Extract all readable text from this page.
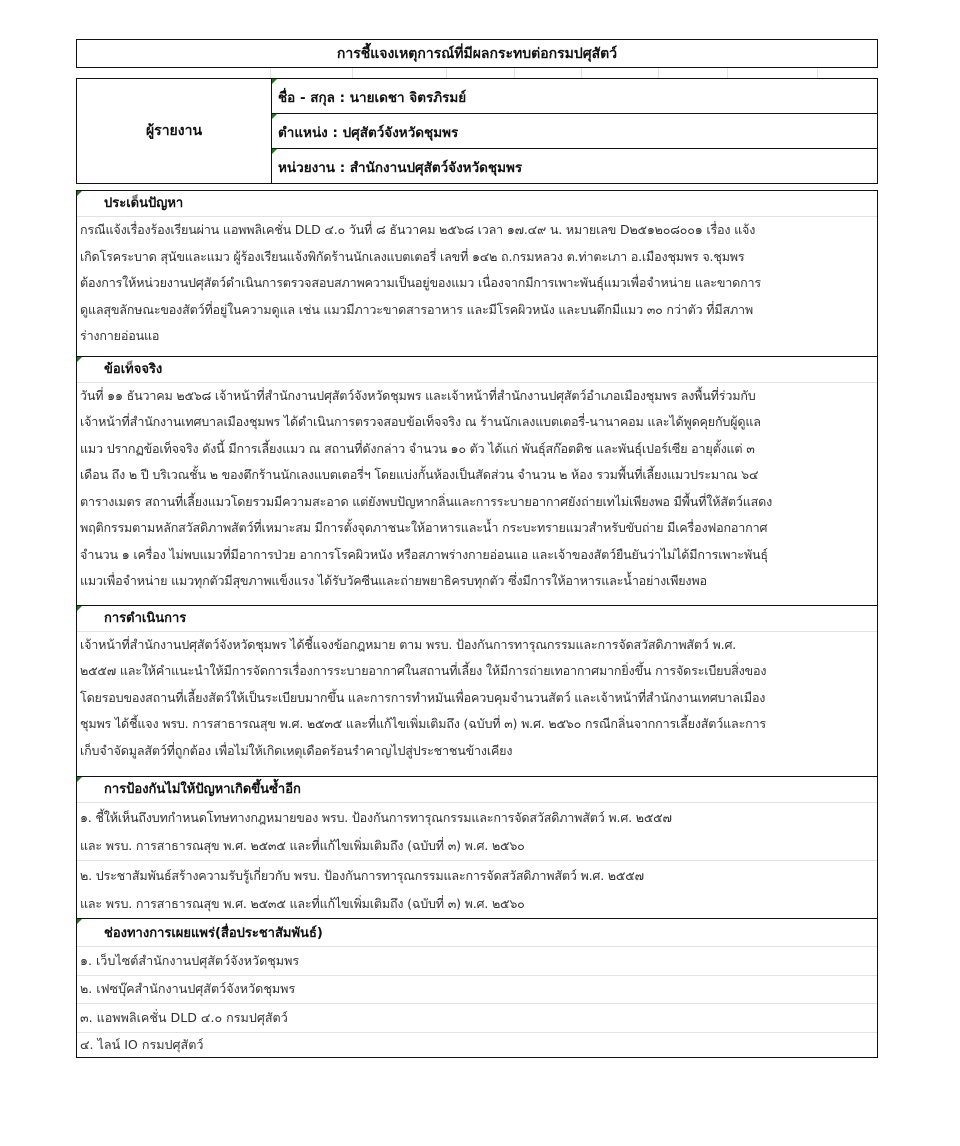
การชี้แจงเหตุการณ์ที่มีผลกระทบต่อกรมปศุสัตว์
ผู้รายงาน
ชื่อ - สกุล : นายเดชา จิตรภิรมย์
ตำแหน่ง : ปศุสัตว์จังหวัดชุมพร
หน่วยงาน : สำนักงานปศุสัตว์จังหวัดชุมพร
ประเด็นปัญหา
กรณีแจ้งเรื่องร้องเรียนผ่าน แอพพลิเคชั่น DLD ๔.๐ วันที่ ๘ ธันวาคม ๒๕๖๘ เวลา ๑๗.๔๙ น. หมายเลข D๒๕๑๒๐๘๐๐๑ เรื่อง แจ้ง
เกิดโรคระบาด สุนัขและแมว ผู้ร้องเรียนแจ้งพิกัดร้านนักเลงแบตเตอรี่ เลขที่ ๑๔๒ ถ.กรมหลวง ต.ท่าตะเภา อ.เมืองชุมพร จ.ชุมพร
ต้องการให้หน่วยงานปศุสัตว์ดำเนินการตรวจสอบสภาพความเป็นอยู่ของแมว เนื่องจากมีการเพาะพันธุ์แมวเพื่อจำหน่าย และขาดการ
ดูแลสุขลักษณะของสัตว์ที่อยู่ในความดูแล เช่น แมวมีภาวะขาดสารอาหาร และมีโรคผิวหนัง และบนตึกมีแมว ๓๐ กว่าตัว ที่มีสภาพ
ร่างกายอ่อนแอ
ข้อเท็จจริง
วันที่ ๑๑ ธันวาคม ๒๕๖๘ เจ้าหน้าที่สำนักงานปศุสัตว์จังหวัดชุมพร และเจ้าหน้าที่สำนักงานปศุสัตว์อำเภอเมืองชุมพร ลงพื้นที่ร่วมกับ
เจ้าหน้าที่สำนักงานเทศบาลเมืองชุมพร ได้ดำเนินการตรวจสอบข้อเท็จจริง ณ ร้านนักเลงแบตเตอรี่-นานาคอม และได้พูดคุยกับผู้ดูแล
แมว ปรากฏข้อเท็จจริง ดังนี้ มีการเลี้ยงแมว ณ สถานที่ดังกล่าว จำนวน ๑๐ ตัว ได้แก่ พันธุ์สก๊อตติช และพันธุ์เปอร์เซีย อายุตั้งแต่ ๓
เดือน ถึง ๒ ปี บริเวณชั้น ๒ ของตึกร้านนักเลงแบตเตอรี่ฯ โดยแบ่งกั้นห้องเป็นสัดส่วน จำนวน ๒ ห้อง รวมพื้นที่เลี้ยงแมวประมาณ ๖๔
ตารางเมตร สถานที่เลี้ยงแมวโดยรวมมีความสะอาด แต่ยังพบปัญหากลิ่นและการระบายอากาศยังถ่ายเทไม่เพียงพอ มีพื้นที่ให้สัตว์แสดง
พฤติกรรมตามหลักสวัสดิภาพสัตว์ที่เหมาะสม มีการตั้งจุดภาชนะให้อาหารและน้ำ กระบะทรายแมวสำหรับขับถ่าย มีเครื่องฟอกอากาศ
จำนวน ๑ เครื่อง ไม่พบแมวที่มีอาการป่วย อาการโรคผิวหนัง หรือสภาพร่างกายอ่อนแอ และเจ้าของสัตว์ยืนยันว่าไม่ได้มีการเพาะพันธุ์
แมวเพื่อจำหน่าย แมวทุกตัวมีสุขภาพแข็งแรง ได้รับวัคซีนและถ่ายพยาธิครบทุกตัว ซึ่งมีการให้อาหารและน้ำอย่างเพียงพอ
การดำเนินการ
เจ้าหน้าที่สำนักงานปศุสัตว์จังหวัดชุมพร ได้ชี้แจงข้อกฎหมาย ตาม พรบ. ป้องกันการทารุณกรรมและการจัดสวัสดิภาพสัตว์ พ.ศ.
๒๕๕๗ และให้คำแนะนำให้มีการจัดการเรื่องการระบายอากาศในสถานที่เลี้ยง ให้มีการถ่ายเทอากาศมากยิ่งขึ้น การจัดระเบียบสิ่งของ
โดยรอบของสถานที่เลี้ยงสัตว์ให้เป็นระเบียบมากขึ้น และการการทำหมันเพื่อควบคุมจำนวนสัตว์ และเจ้าหน้าที่สำนักงานเทศบาลเมือง
ชุมพร ได้ชี้แจง พรบ. การสาธารณสุข พ.ศ. ๒๕๓๕ และที่แก้ไขเพิ่มเติมถึง (ฉบับที่ ๓) พ.ศ. ๒๕๖๐ กรณีกลิ่นจากการเลี้ยงสัตว์และการ
เก็บจำจัดมูลสัตว์ที่ถูกต้อง เพื่อไม่ให้เกิดเหตุเดือดร้อนรำคาญไปสู่ประชาชนข้างเคียง
การป้องกันไม่ให้ปัญหาเกิดขึ้นซ้ำอีก
๑. ชี้ให้เห็นถึงบทกำหนดโทษทางกฎหมายของ พรบ. ป้องกันการทารุณกรรมและการจัดสวัสดิภาพสัตว์ พ.ศ. ๒๕๕๗
และ พรบ. การสาธารณสุข พ.ศ. ๒๕๓๕ และที่แก้ไขเพิ่มเติมถึง (ฉบับที่ ๓) พ.ศ. ๒๕๖๐
๒. ประชาสัมพันธ์สร้างความรับรู้เกี่ยวกับ พรบ. ป้องกันการทารุณกรรมและการจัดสวัสดิภาพสัตว์ พ.ศ. ๒๕๕๗
และ พรบ. การสาธารณสุข พ.ศ. ๒๕๓๕ และที่แก้ไขเพิ่มเติมถึง (ฉบับที่ ๓) พ.ศ. ๒๕๖๐
ช่องทางการเผยแพร่(สื่อประชาสัมพันธ์)
๑. เว็บไซต์สำนักงานปศุสัตว์จังหวัดชุมพร
๒. เฟซบุ๊คสำนักงานปศุสัตว์จังหวัดชุมพร
๓. แอพพลิเคชั่น DLD ๔.๐ กรมปศุสัตว์
๔. ไลน์ IO กรมปศุสัตว์
